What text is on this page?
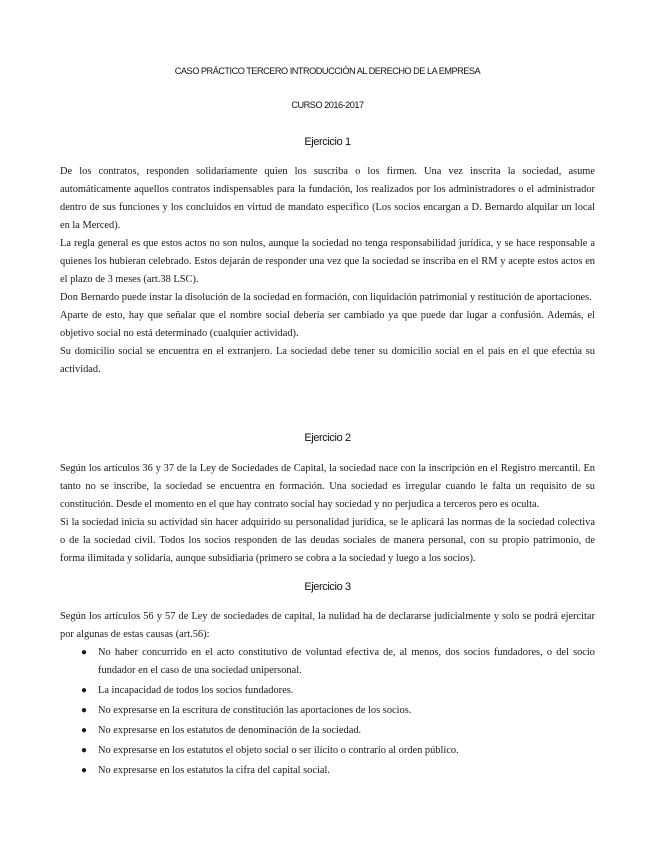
CASO PRÁCTICO TERCERO INTRODUCCIÓN AL DERECHO DE LA EMPRESA
CURSO 2016-2017
Ejercicio 1

De los contratos, responden solidariamente quien los suscriba o los firmen. Una vez inscrita la sociedad, asume automáticamente aquellos contratos indispensables para la fundación, los realizados por los administradores o el administrador dentro de sus funciones y los concluidos en virtud de mandato específico (Los socios encargan a D. Bernardo alquilar un local en la Merced).

La regla general es que estos actos no son nulos, aunque la sociedad no tenga responsabilidad jurídica, y se hace responsable a quienes los hubieran celebrado. Estos dejarán de responder una vez que la sociedad se inscriba en el RM y acepte estos actos en el plazo de 3 meses (art.38 LSC).

Don Bernardo puede instar la disolución de la sociedad en formación, con liquidación patrimonial y restitución de aportaciones.

Aparte de esto, hay que señalar que el nombre social debería ser cambiado ya que puede dar lugar a confusión. Además, el objetivo social no está determinado (cualquier actividad).

Su domicilio social se encuentra en el extranjero. La sociedad debe tener su domicilio social en el país en el que efectúa su actividad.

Ejercicio 2

Según los artículos 36 y 37 de la Ley de Sociedades de Capital, la sociedad nace con la inscripción en el Registro mercantil. En tanto no se inscribe, la sociedad se encuentra en formación. Una sociedad es irregular cuando le falta un requisito de su constitución. Desde el momento en el que hay contrato social hay sociedad y no perjudica a terceros pero es oculta.

Si la sociedad inicia su actividad sin hacer adquirido su personalidad jurídica, se le aplicará las normas de la sociedad colectiva o de la sociedad civil. Todos los socios responden de las deudas sociales de manera personal, con su propio patrimonio, de forma ilimitada y solidaria, aunque subsidiaria (primero se cobra a la sociedad y luego a los socios).

Ejercicio 3

Según los artículos 56 y 57 de Ley de sociedades de capital, la nulidad ha de declararse judicialmente y solo se podrá ejercitar por algunas de estas causas (art.56):

● No haber concurrido en el acto constitutivo de voluntad efectiva de, al menos, dos socios fundadores, o del socio fundador en el caso de una sociedad unipersonal.
● La incapacidad de todos los socios fundadores.
● No expresarse en la escritura de constitución las aportaciones de los socios.
● No expresarse en los estatutos de denominación de la sociedad.
● No expresarse en los estatutos el objeto social o ser ilícito o contrario al orden público.
● No expresarse en los estatutos la cifra del capital social.
